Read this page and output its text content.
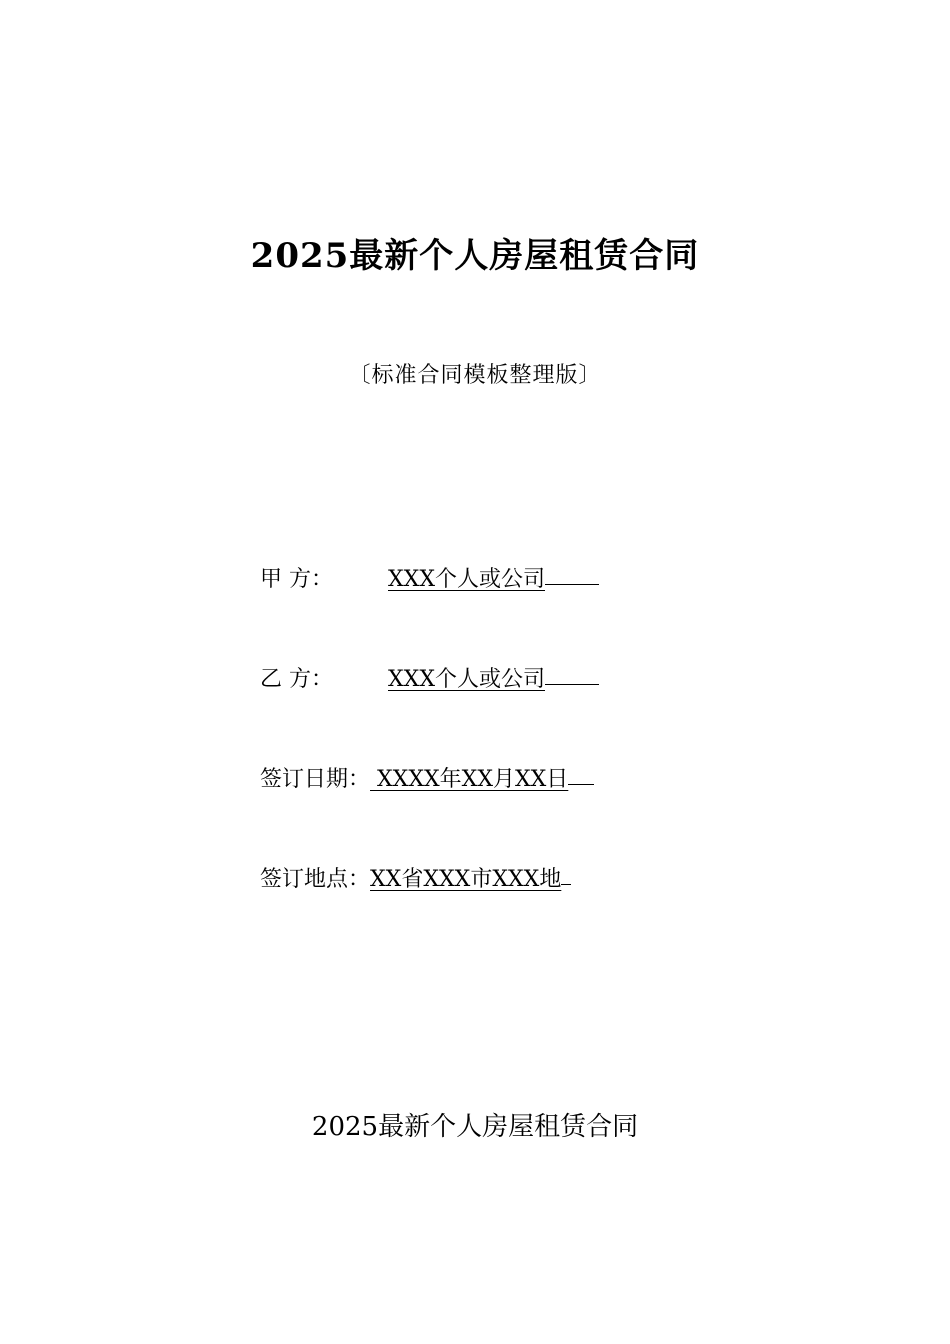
2025最新个人房屋租赁合同
〔标准合同模板整理版〕
甲 方：	XXX个人或公司
乙 方：	XXX个人或公司
签订日期： XXXX年XX月XX日
签订地点： XX省XXX市XXX地
2025最新个人房屋租赁合同
